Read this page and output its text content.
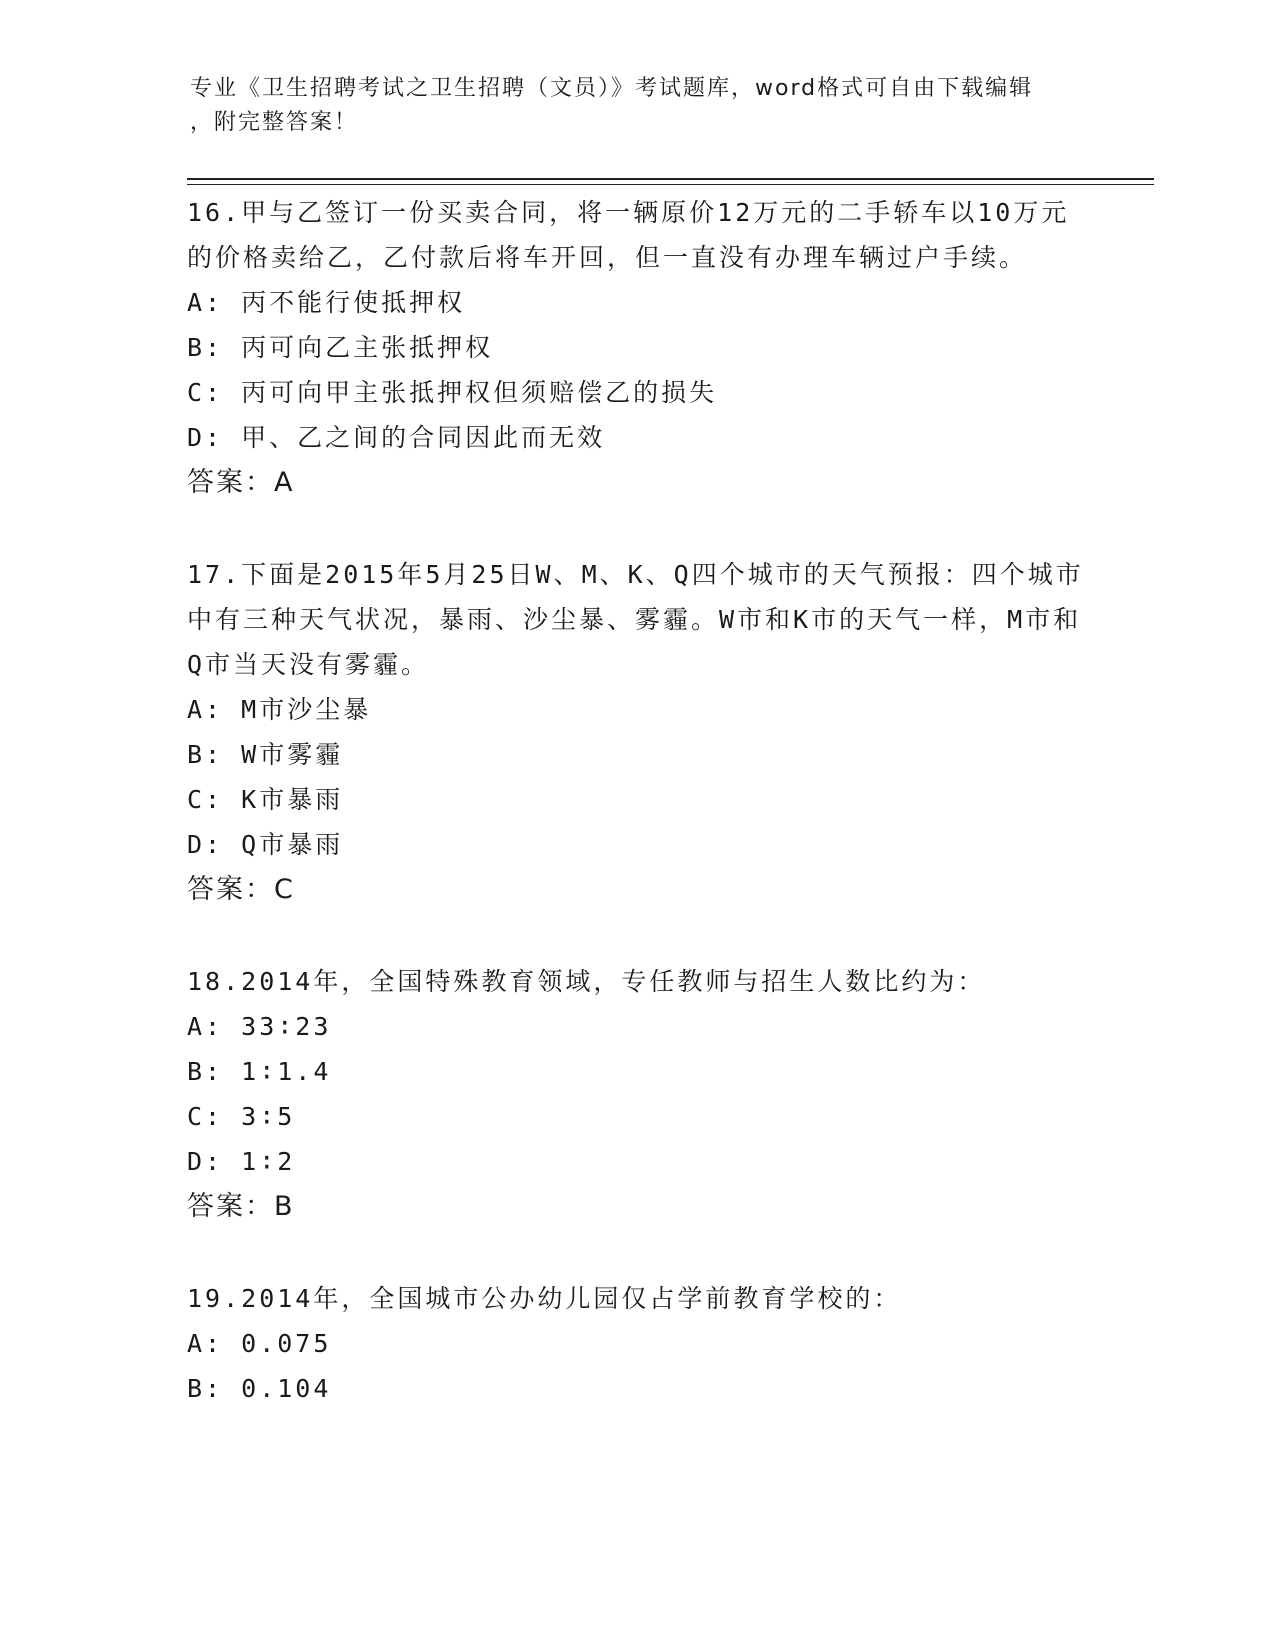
专业《卫生招聘考试之卫生招聘（文员）》考试题库，word格式可自由下载编辑
，附完整答案！

16.甲与乙签订一份买卖合同，将一辆原价12万元的二手轿车以10万元的价格卖给乙，乙付款后将车开回，但一直没有办理车辆过户手续。

A: 丙不能行使抵押权

B: 丙可向乙主张抵押权

C: 丙可向甲主张抵押权但须赔偿乙的损失

D: 甲、乙之间的合同因此而无效

答案：A

17.下面是2015年5月25日W、M、K、Q四个城市的天气预报：四个城市中有三种天气状况，暴雨、沙尘暴、雾霾。W市和K市的天气一样，M市和Q市当天没有雾霾。

A: M市沙尘暴

B: W市雾霾

C: K市暴雨

D: Q市暴雨

答案：C

18.2014年，全国特殊教育领域，专任教师与招生人数比约为：

A: 33∶23

B: 1∶1.4

C: 3∶5

D: 1∶2

答案：B

19.2014年，全国城市公办幼儿园仅占学前教育学校的：

A: 0.075

B: 0.104
